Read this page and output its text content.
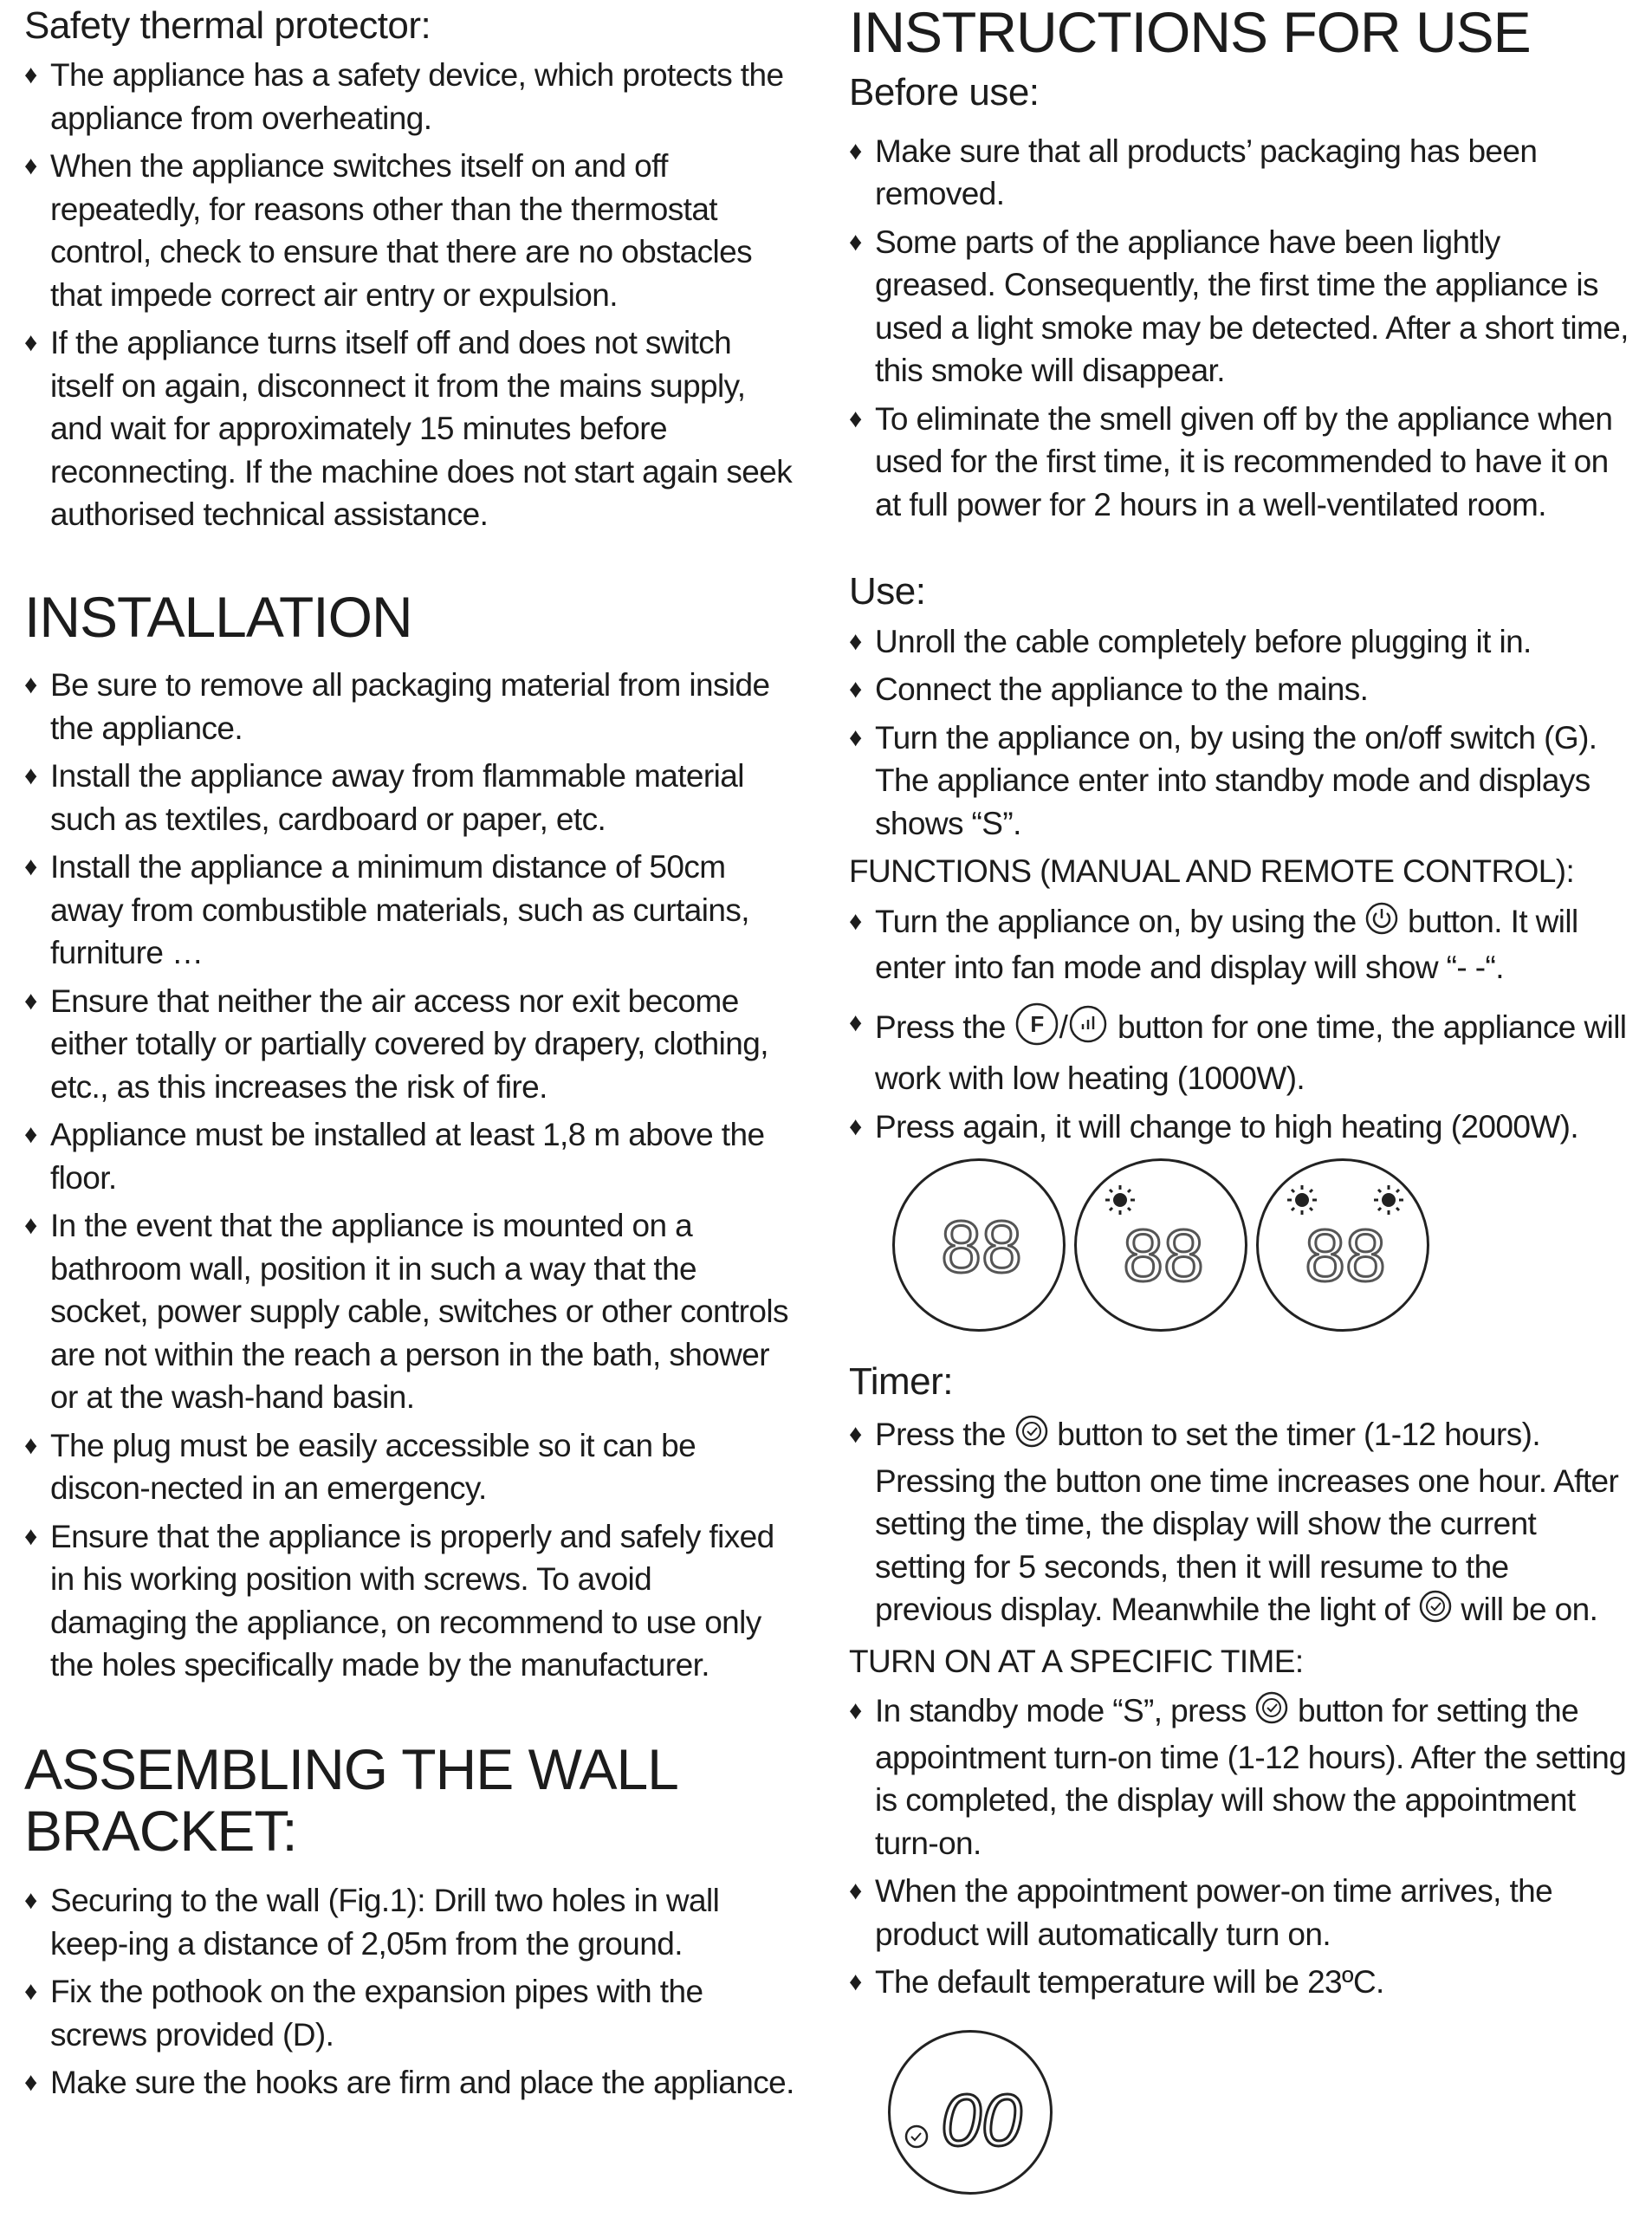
Safety thermal protector:
♦ The appliance has a safety device, which protects the appliance from overheating.
♦ When the appliance switches itself on and off repeatedly, for reasons other than the thermostat control, check to ensure that there are no obstacles that impede correct air entry or expulsion.
♦ If the appliance turns itself off and does not switch itself on again, disconnect it from the mains supply, and wait for approximately 15 minutes before reconnecting. If the machine does not start again seek authorised technical assistance.
INSTALLATION
♦ Be sure to remove all packaging material from inside the appliance.
♦ Install the appliance away from flammable material such as textiles, cardboard or paper, etc.
♦ Install the appliance a minimum distance of 50cm away from combustible materials, such as curtains, furniture …
♦ Ensure that neither the air access nor exit become either totally or partially covered by drapery, clothing, etc., as this increases the risk of fire.
♦ Appliance must be installed at least 1,8 m above the floor.
♦ In the event that the appliance is mounted on a bathroom wall, position it in such a way that the socket, power supply cable, switches or other controls are not within the reach a person in the bath, shower or at the wash-hand basin.
♦ The plug must be easily accessible so it can be discon-nected in an emergency.
♦ Ensure that the appliance is properly and safely fixed in his working position with screws. To avoid damaging the appliance, on recommend to use only the holes specifically made by the manufacturer.
ASSEMBLING THE WALL
BRACKET:
♦ Securing to the wall (Fig.1): Drill two holes in wall keep-ing a distance of 2,05m from the ground.
♦ Fix the pothook on the expansion pipes with the screws provided (D).
♦ Make sure the hooks are firm and place the appliance.
INSTRUCTIONS FOR USE
Before use:
♦ Make sure that all products’ packaging has been removed.
♦ Some parts of the appliance have been lightly greased. Consequently, the first time the appliance is used a light smoke may be detected. After a short time, this smoke will disappear.
♦ To eliminate the smell given off by the appliance when used for the first time, it is recommended to have it on at full power for 2 hours in a well-ventilated room.
Use:
♦ Unroll the cable completely before plugging it in.
♦ Connect the appliance to the mains.
♦ Turn the appliance on, by using the on/off switch (G). The appliance enter into standby mode and displays shows “S”.

FUNCTIONS (MANUAL AND REMOTE CONTROL):

♦ Turn the appliance on, by using the button. It will enter into fan mode and display will show “- -“.
♦ Press the F / button for one time, the appliance will work with low heating (1000W).
♦ Press again, it will change to high heating (2000W).
88 88 88
Timer:
♦ Press the button to set the timer (1-12 hours). Pressing the button one time increases one hour. After setting the time, the display will show the current setting for 5 seconds, then it will resume to the previous display. Meanwhile the light of will be on.

TURN ON AT A SPECIFIC TIME:

♦ In standby mode “S”, press button for setting the appointment turn-on time (1-12 hours). After the setting is completed, the display will show the appointment turn-on.
♦ When the appointment power-on time arrives, the product will automatically turn on.
♦ The default temperature will be 23ºC.
00
